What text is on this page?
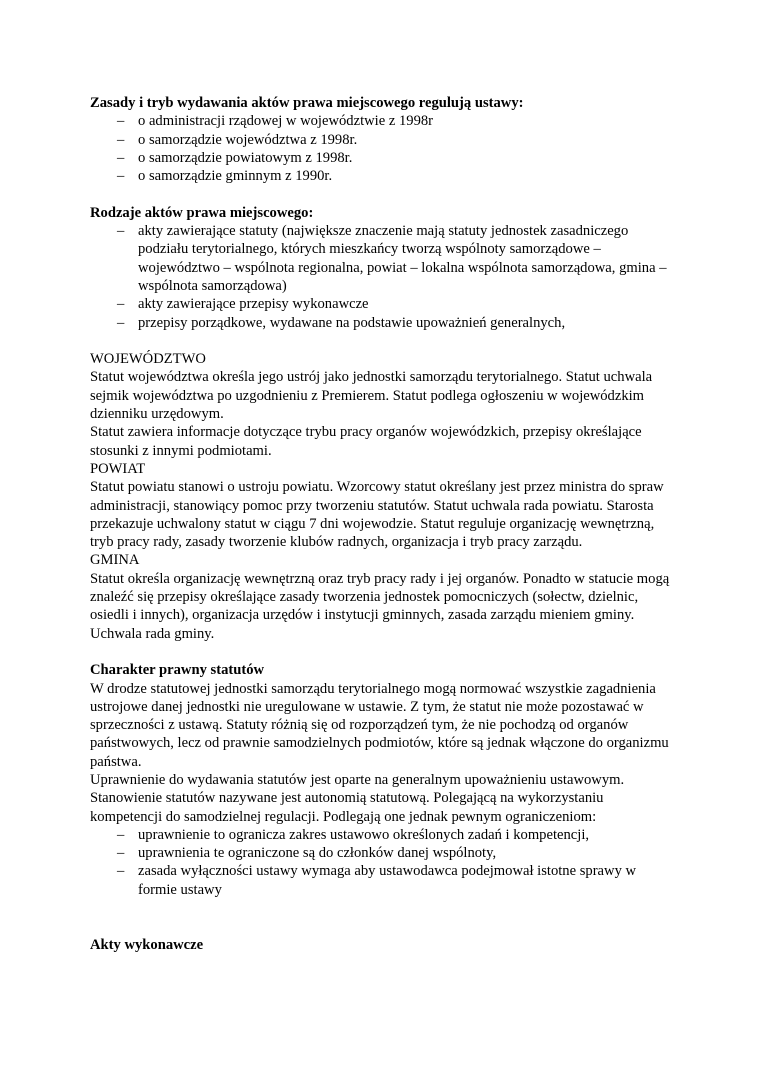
Zasady i tryb wydawania aktów prawa miejscowego regulują ustawy:
– o administracji rządowej w województwie z 1998r
– o samorządzie województwa z 1998r.
– o samorządzie powiatowym z 1998r.
– o samorządzie gminnym z 1990r.
Rodzaje aktów prawa miejscowego:
– akty zawierające statuty (największe znaczenie mają statuty jednostek zasadniczego podziału terytorialnego, których mieszkańcy tworzą wspólnoty samorządowe – województwo – wspólnota regionalna, powiat – lokalna wspólnota samorządowa, gmina – wspólnota samorządowa)
– akty zawierające przepisy wykonawcze
– przepisy porządkowe, wydawane na podstawie upoważnień generalnych,

WOJEWÓDZTWO

Statut województwa określa jego ustrój jako jednostki samorządu terytorialnego. Statut uchwala sejmik województwa po uzgodnieniu z Premierem. Statut podlega ogłoszeniu w wojewódzkim dzienniku urzędowym.

Statut zawiera informacje dotyczące trybu pracy organów wojewódzkich, przepisy określające stosunki z innymi podmiotami.

POWIAT

Statut powiatu stanowi o ustroju powiatu. Wzorcowy statut określany jest przez ministra do spraw administracji, stanowiący pomoc przy tworzeniu statutów. Statut uchwala rada powiatu. Starosta przekazuje uchwalony statut w ciągu 7 dni wojewodzie. Statut reguluje organizację wewnętrzną, tryb pracy rady, zasady tworzenie klubów radnych, organizacja i tryb pracy zarządu.

GMINA

Statut określa organizację wewnętrzną oraz tryb pracy rady i jej organów. Ponadto w statucie mogą znaleźć się przepisy określające zasady tworzenia jednostek pomocniczych (sołectw, dzielnic, osiedli i innych), organizacja urzędów i instytucji gminnych, zasada zarządu mieniem gminy. Uchwala rada gminy.

Charakter prawny statutów

W drodze statutowej jednostki samorządu terytorialnego mogą normować wszystkie zagadnienia ustrojowe danej jednostki nie uregulowane w ustawie. Z tym, że statut nie może pozostawać w sprzeczności z ustawą. Statuty różnią się od rozporządzeń tym, że nie pochodzą od organów państwowych, lecz od prawnie samodzielnych podmiotów, które są jednak włączone do organizmu państwa.

Uprawnienie do wydawania statutów jest oparte na generalnym upoważnieniu ustawowym. Stanowienie statutów nazywane jest autonomią statutową. Polegającą na wykorzystaniu kompetencji do samodzielnej regulacji. Podlegają one jednak pewnym ograniczeniom:

– uprawnienie to ogranicza zakres ustawowo określonych zadań i kompetencji,
– uprawnienia te ograniczone są do członków danej wspólnoty,
– zasada wyłączności ustawy wymaga aby ustawodawca podejmował istotne sprawy w formie ustawy
Akty wykonawcze
